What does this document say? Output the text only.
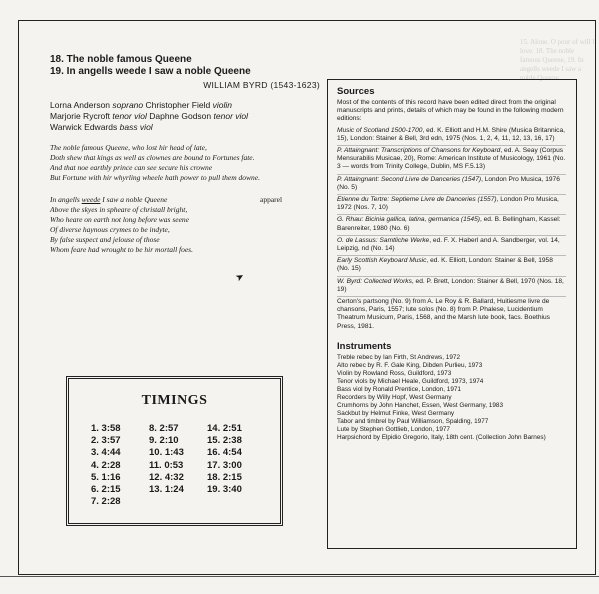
15. Alone. O pour of will I love. 18. The noble famous Queene, 19. In angells weede I saw a noble Queene
18. The noble famous Queene
19. In angells weede I saw a noble Queene
WILLIAM BYRD (1543-1623)
Lorna Anderson soprano Christopher Field violin
Marjorie Rycroft tenor viol Daphne Godson tenor viol
Warwick Edwards bass viol
The noble famous Queene, who lost hir head of late,
Doth shew that kings as well as clownes are bound to Fortunes fate.
And that noe earthly prince can see secure his crowne
But Fortune with hir whyrling wheele hath power to pull them downe.
In angells weede I saw a noble Queene	apparel
Above the skyes in spheare of christall bright,
Who heare on earth not long before was seene
Of diverse haynous crymes to be indyte,
By false suspect and jelouse of those
Whom feare had wrought to be hir mortall foes.
➤
TIMINGS
1. 3:58
2. 3:57
3. 4:44
4. 2:28
5. 1:16
6. 2:15
7. 2:28
8. 2:57
9. 2:10
10. 1:43
11. 0:53
12. 4:32
13. 1:24
14. 2:51
15. 2:38
16. 4:54
17. 3:00
18. 2:15
19. 3:40
Sources
Most of the contents of this record have been edited direct from the original manuscripts and prints, details of which may be found in the following modern editions:
Music of Scotland 1500-1700, ed. K. Elliott and H.M. Shire (Musica Britannica, 15), London: Stainer & Bell, 3rd edn, 1975 (Nos. 1, 2, 4, 11, 12, 13, 16, 17)
P. Attaingnant: Transcriptions of Chansons for Keyboard, ed. A. Seay (Corpus Mensurabilis Musicae, 20), Rome: American Institute of Musicology, 1961 (No. 3 — words from Trinity College, Dublin, MS F.5.13)
P. Attaingnant: Second Livre de Danceries (1547), London Pro Musica, 1976 (No. 5)
Etienne du Tertre: Septieme Livre de Danceries (1557), London Pro Musica, 1972 (Nos. 7, 10)
G. Rhau: Bicinia gallica, latina, germanica (1545), ed. B. Bellingham, Kassel: Barenreiter, 1980 (No. 6)
O. de Lassus: Samtliche Werke, ed. F. X. Haberl and A. Sandberger, vol. 14, Leipzig, nd (No. 14)
Early Scottish Keyboard Music, ed. K. Elliott, London: Stainer & Bell, 1958 (No. 15)
W. Byrd: Collected Works, ed. P. Brett, London: Stainer & Bell, 1970 (Nos. 18, 19)
Certon's partsong (No. 9) from A. Le Roy & R. Ballard, Huitiesme livre de chansons, Paris, 1557; lute solos (No. 8) from P. Phalese, Lucidentium Theatrum Musicum, Paris, 1568, and the Marsh lute book, facs. Boethius Press, 1981.
Instruments
Treble rebec by Ian Firth, St Andrews, 1972
Alto rebec by R. F. Gale King, Dibden Purlieu, 1973
Violin by Rowland Ross, Guildford, 1973
Tenor viols by Michael Heale, Guildford, 1973, 1974
Bass viol by Ronald Prentice, London, 1971
Recorders by Willy Hopf, West Germany
Crumhorns by John Hanchet, Essen, West Germany, 1983
Sackbut by Helmut Finke, West Germany
Tabor and timbrel by Paul Williamson, Spalding, 1977
Lute by Stephen Gottlieb, London, 1977
Harpsichord by Elpidio Gregorio, Italy, 18th cent. (Collection John Barnes)
